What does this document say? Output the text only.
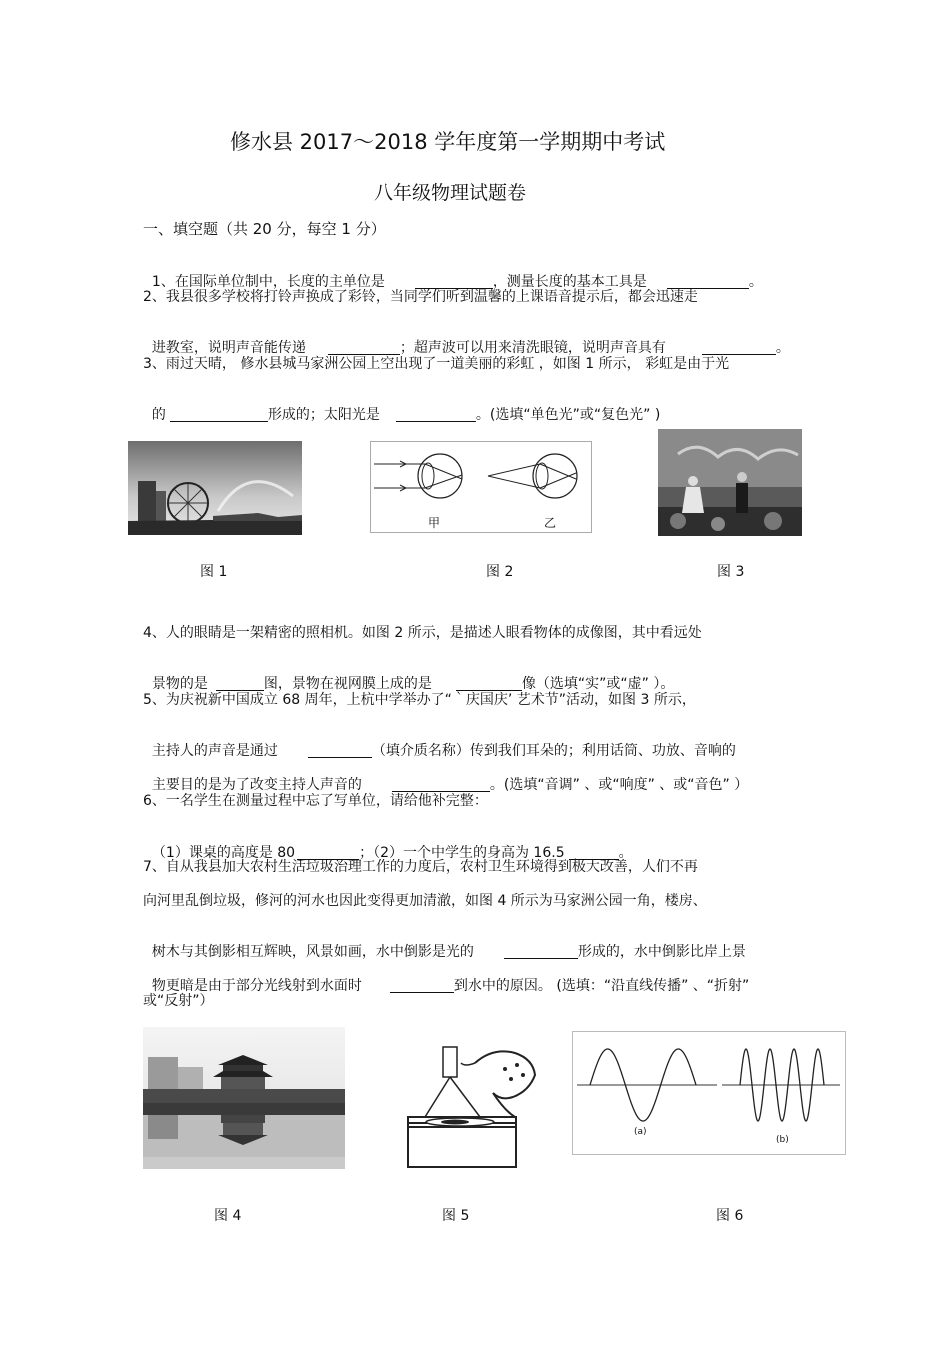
修水县 2017～2018 学年度第一学期期中考试
八年级物理试题卷
一、填空题（共 20 分，每空 1 分）

1、在国际单位制中，长度的主单位是	，测量长度的基本工具是	。

2、我县很多学校将打铃声换成了彩铃，当同学们听到温馨的上课语音提示后，都会迅速走

进教室，说明声音能传递	；超声波可以用来清洗眼镜，说明声音具有	。

3、雨过天晴， 修水县城马家洲公园上空出现了一道美丽的彩虹 ，如图 1 所示， 彩虹是由于光

的	形成的；太阳光是	。(选填“单色光”或“复色光” )

甲	乙
图 1	图 2	图 3
4、人的眼睛是一架精密的照相机。如图 2 所示，是描述人眼看物体的成像图，其中看远处

景物的是	图，景物在视网膜上成的是	像（选填“实”或“虚” ）。

5、为庆祝新中国成立 68 周年，上杭中学举办了“｀庆国庆’ 艺术节”活动，如图 3 所示，

主持人的声音是通过	（填介质名称）传到我们耳朵的；利用话筒、功放、音响的

主要目的是为了改变主持人声音的	。(选填“音调” 、或“响度” 、或“音色” ）

6、一名学生在测量过程中忘了写单位，请给他补完整：

（1）课桌的高度是 80	；（2）一个中学生的身高为 16.5	。

7、自从我县加大农村生活垃圾治理工作的力度后，农村卫生环境得到极大改善，人们不再
向河里乱倒垃圾，修河的河水也因此变得更加清澈，如图 4 所示为马家洲公园一角，楼房、

树木与其倒影相互辉映，风景如画，水中倒影是光的	形成的，水中倒影比岸上景

物更暗是由于部分光线射到水面时	到水中的原因。 (选填：“沿直线传播” 、“折射”

或“反射”）
(a)
(b)
图 4	图 5	图 6
